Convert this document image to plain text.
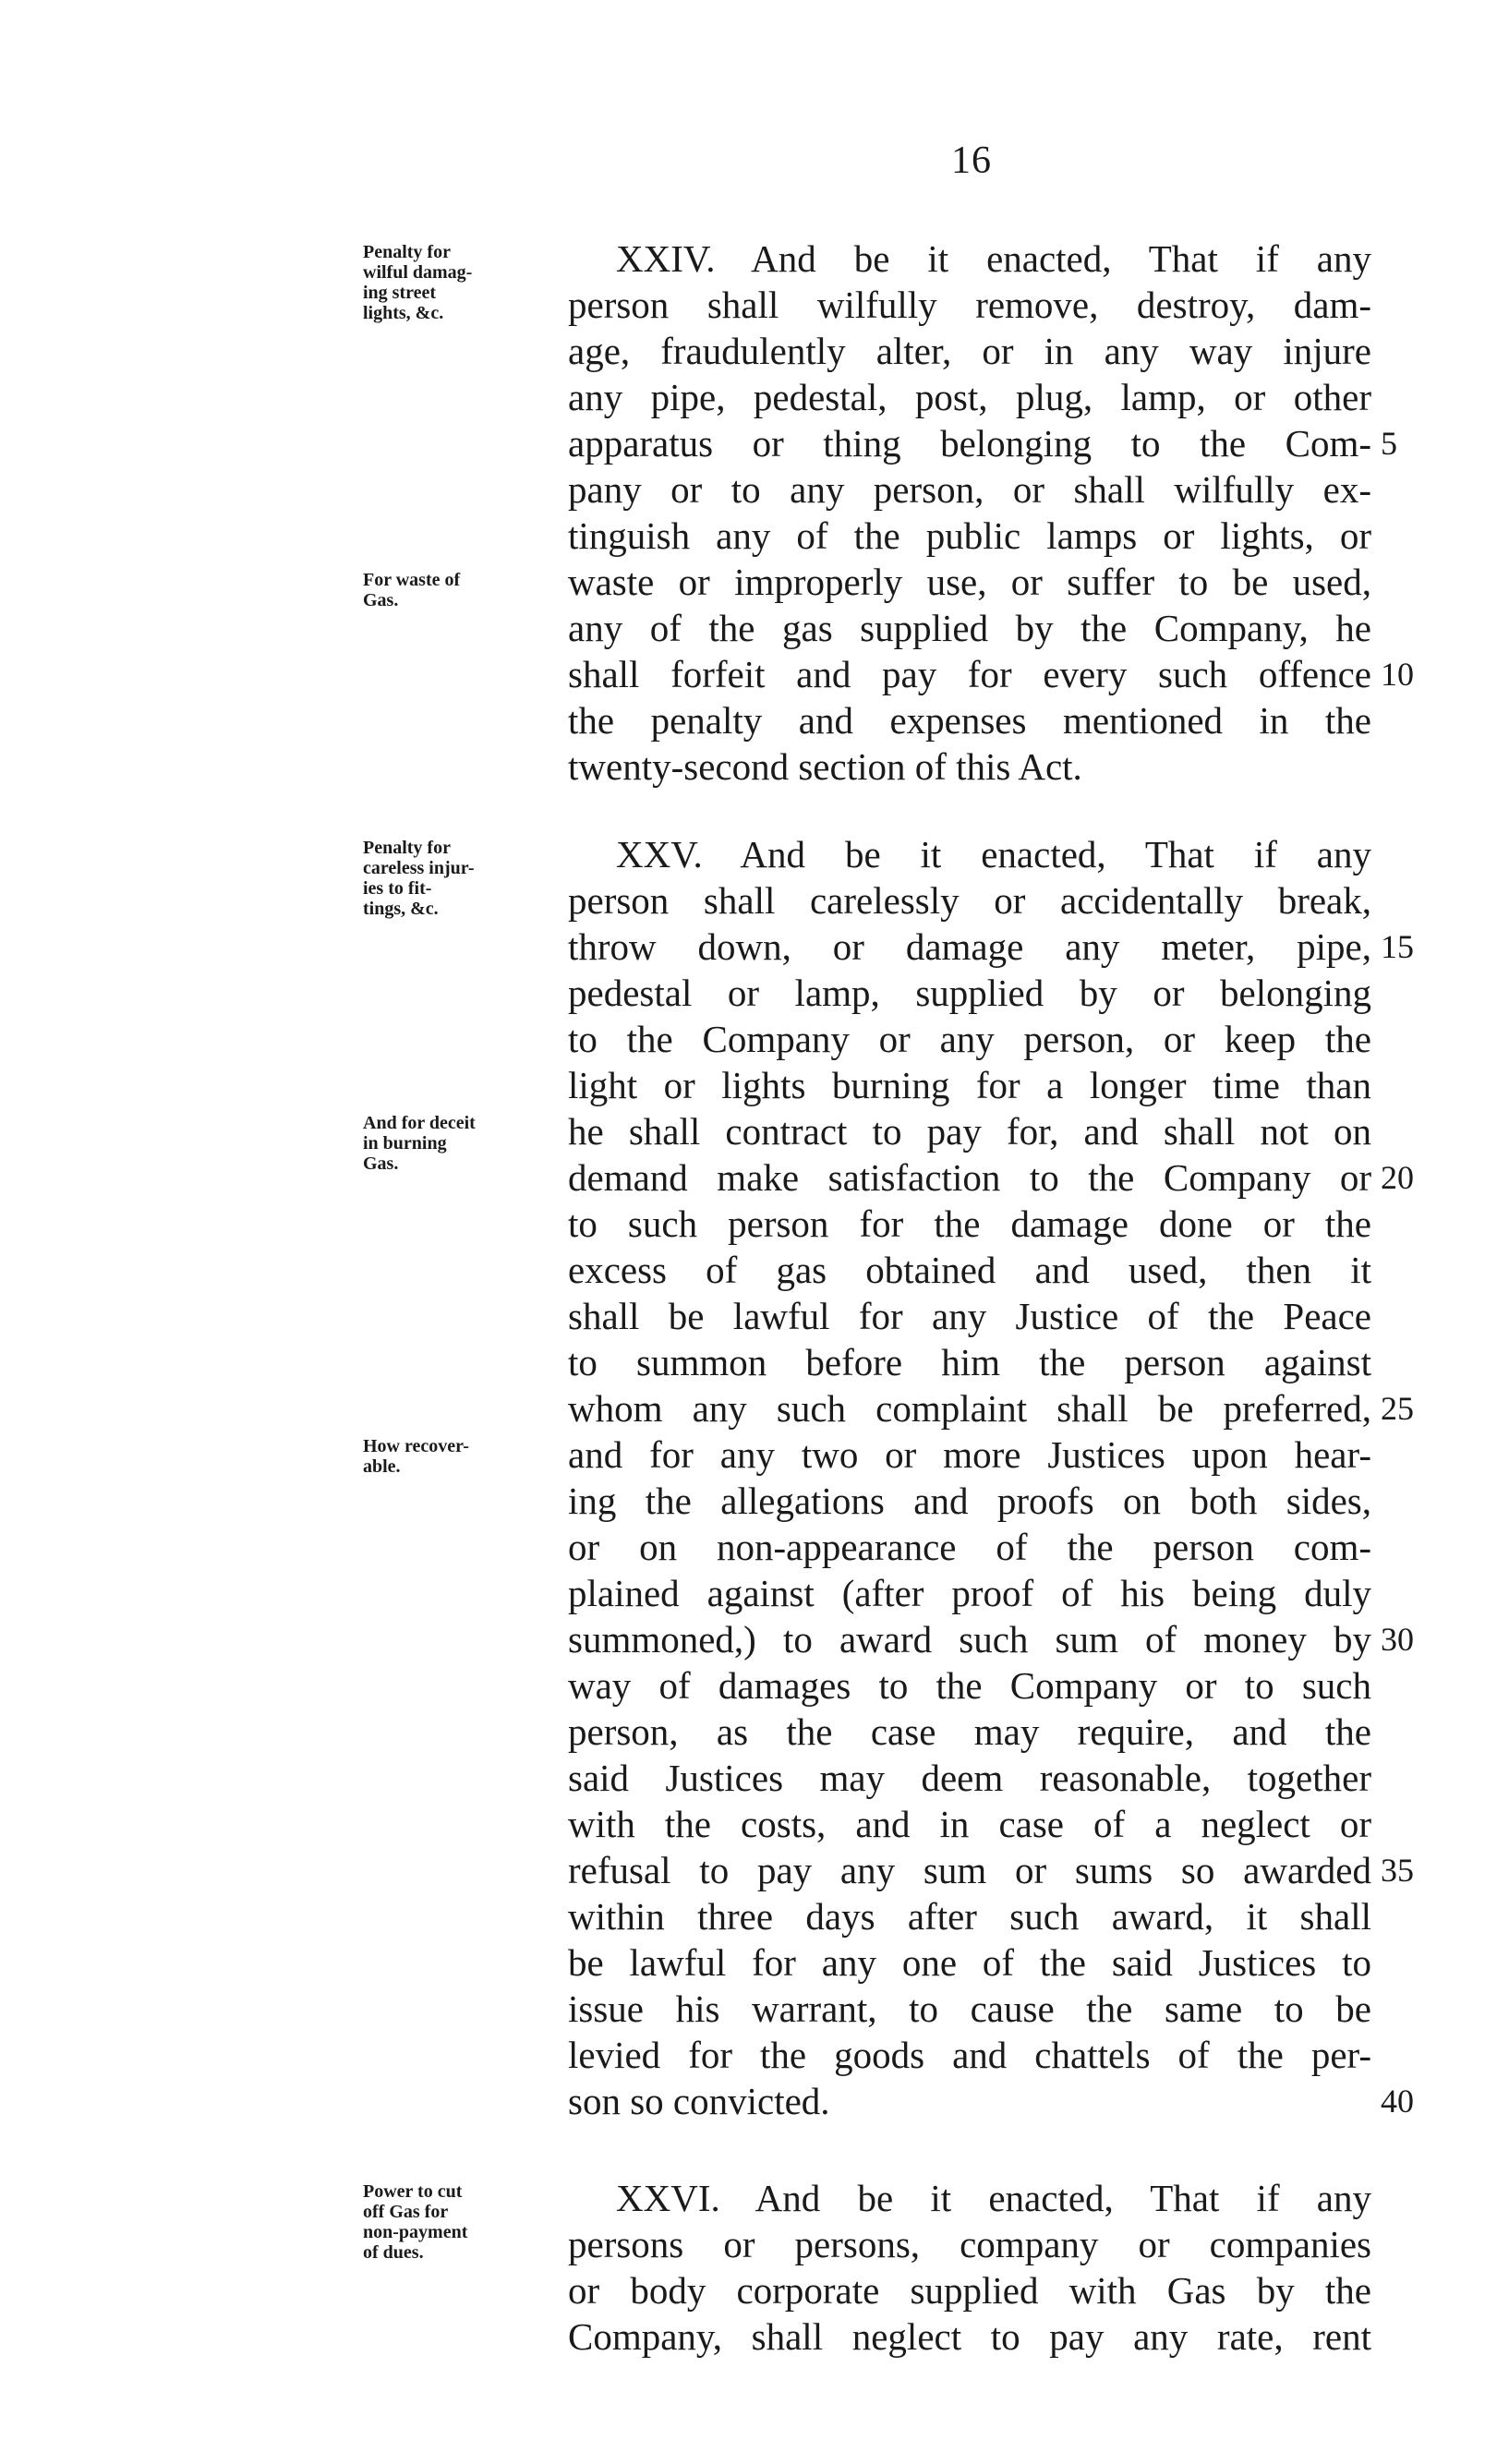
16
XXIV. And be it enacted, That if any
person shall wilfully remove, destroy, dam-
age, fraudulently alter, or in any way injure
any pipe, pedestal, post, plug, lamp, or other
apparatus or thing belonging to the Com- 5
pany or to any person, or shall wilfully ex-
tinguish any of the public lamps or lights, or
waste or improperly use, or suffer to be used,
any of the gas supplied by the Company, he
shall forfeit and pay for every such offence 10
the penalty and expenses mentioned in the
twenty-second section of this Act.
Penalty for
wilful damag-
ing street
lights, &c.
For waste of
Gas.
XXV. And be it enacted, That if any
person shall carelessly or accidentally break,
throw down, or damage any meter, pipe, 15
pedestal or lamp, supplied by or belonging
to the Company or any person, or keep the
light or lights burning for a longer time than
he shall contract to pay for, and shall not on
demand make satisfaction to the Company or 20
to such person for the damage done or the
excess of gas obtained and used, then it
shall be lawful for any Justice of the Peace
to summon before him the person against
whom any such complaint shall be preferred, 25
and for any two or more Justices upon hear-
ing the allegations and proofs on both sides,
or on non-appearance of the person com-
plained against (after proof of his being duly
summoned,) to award such sum of money by 30
way of damages to the Company or to such
person, as the case may require, and the
said Justices may deem reasonable, together
with the costs, and in case of a neglect or
refusal to pay any sum or sums so awarded 35
within three days after such award, it shall
be lawful for any one of the said Justices to
issue his warrant, to cause the same to be
levied for the goods and chattels of the per-
son so convicted.	40
Penalty for
careless injur-
ies to fit-
tings, &c.
And for deceit
in burning
Gas.
How recover-
able.
XXVI. And be it enacted, That if any
persons or persons, company or companies
or body corporate supplied with Gas by the
Company, shall neglect to pay any rate, rent
Power to cut
off Gas for
non-payment
of dues.
